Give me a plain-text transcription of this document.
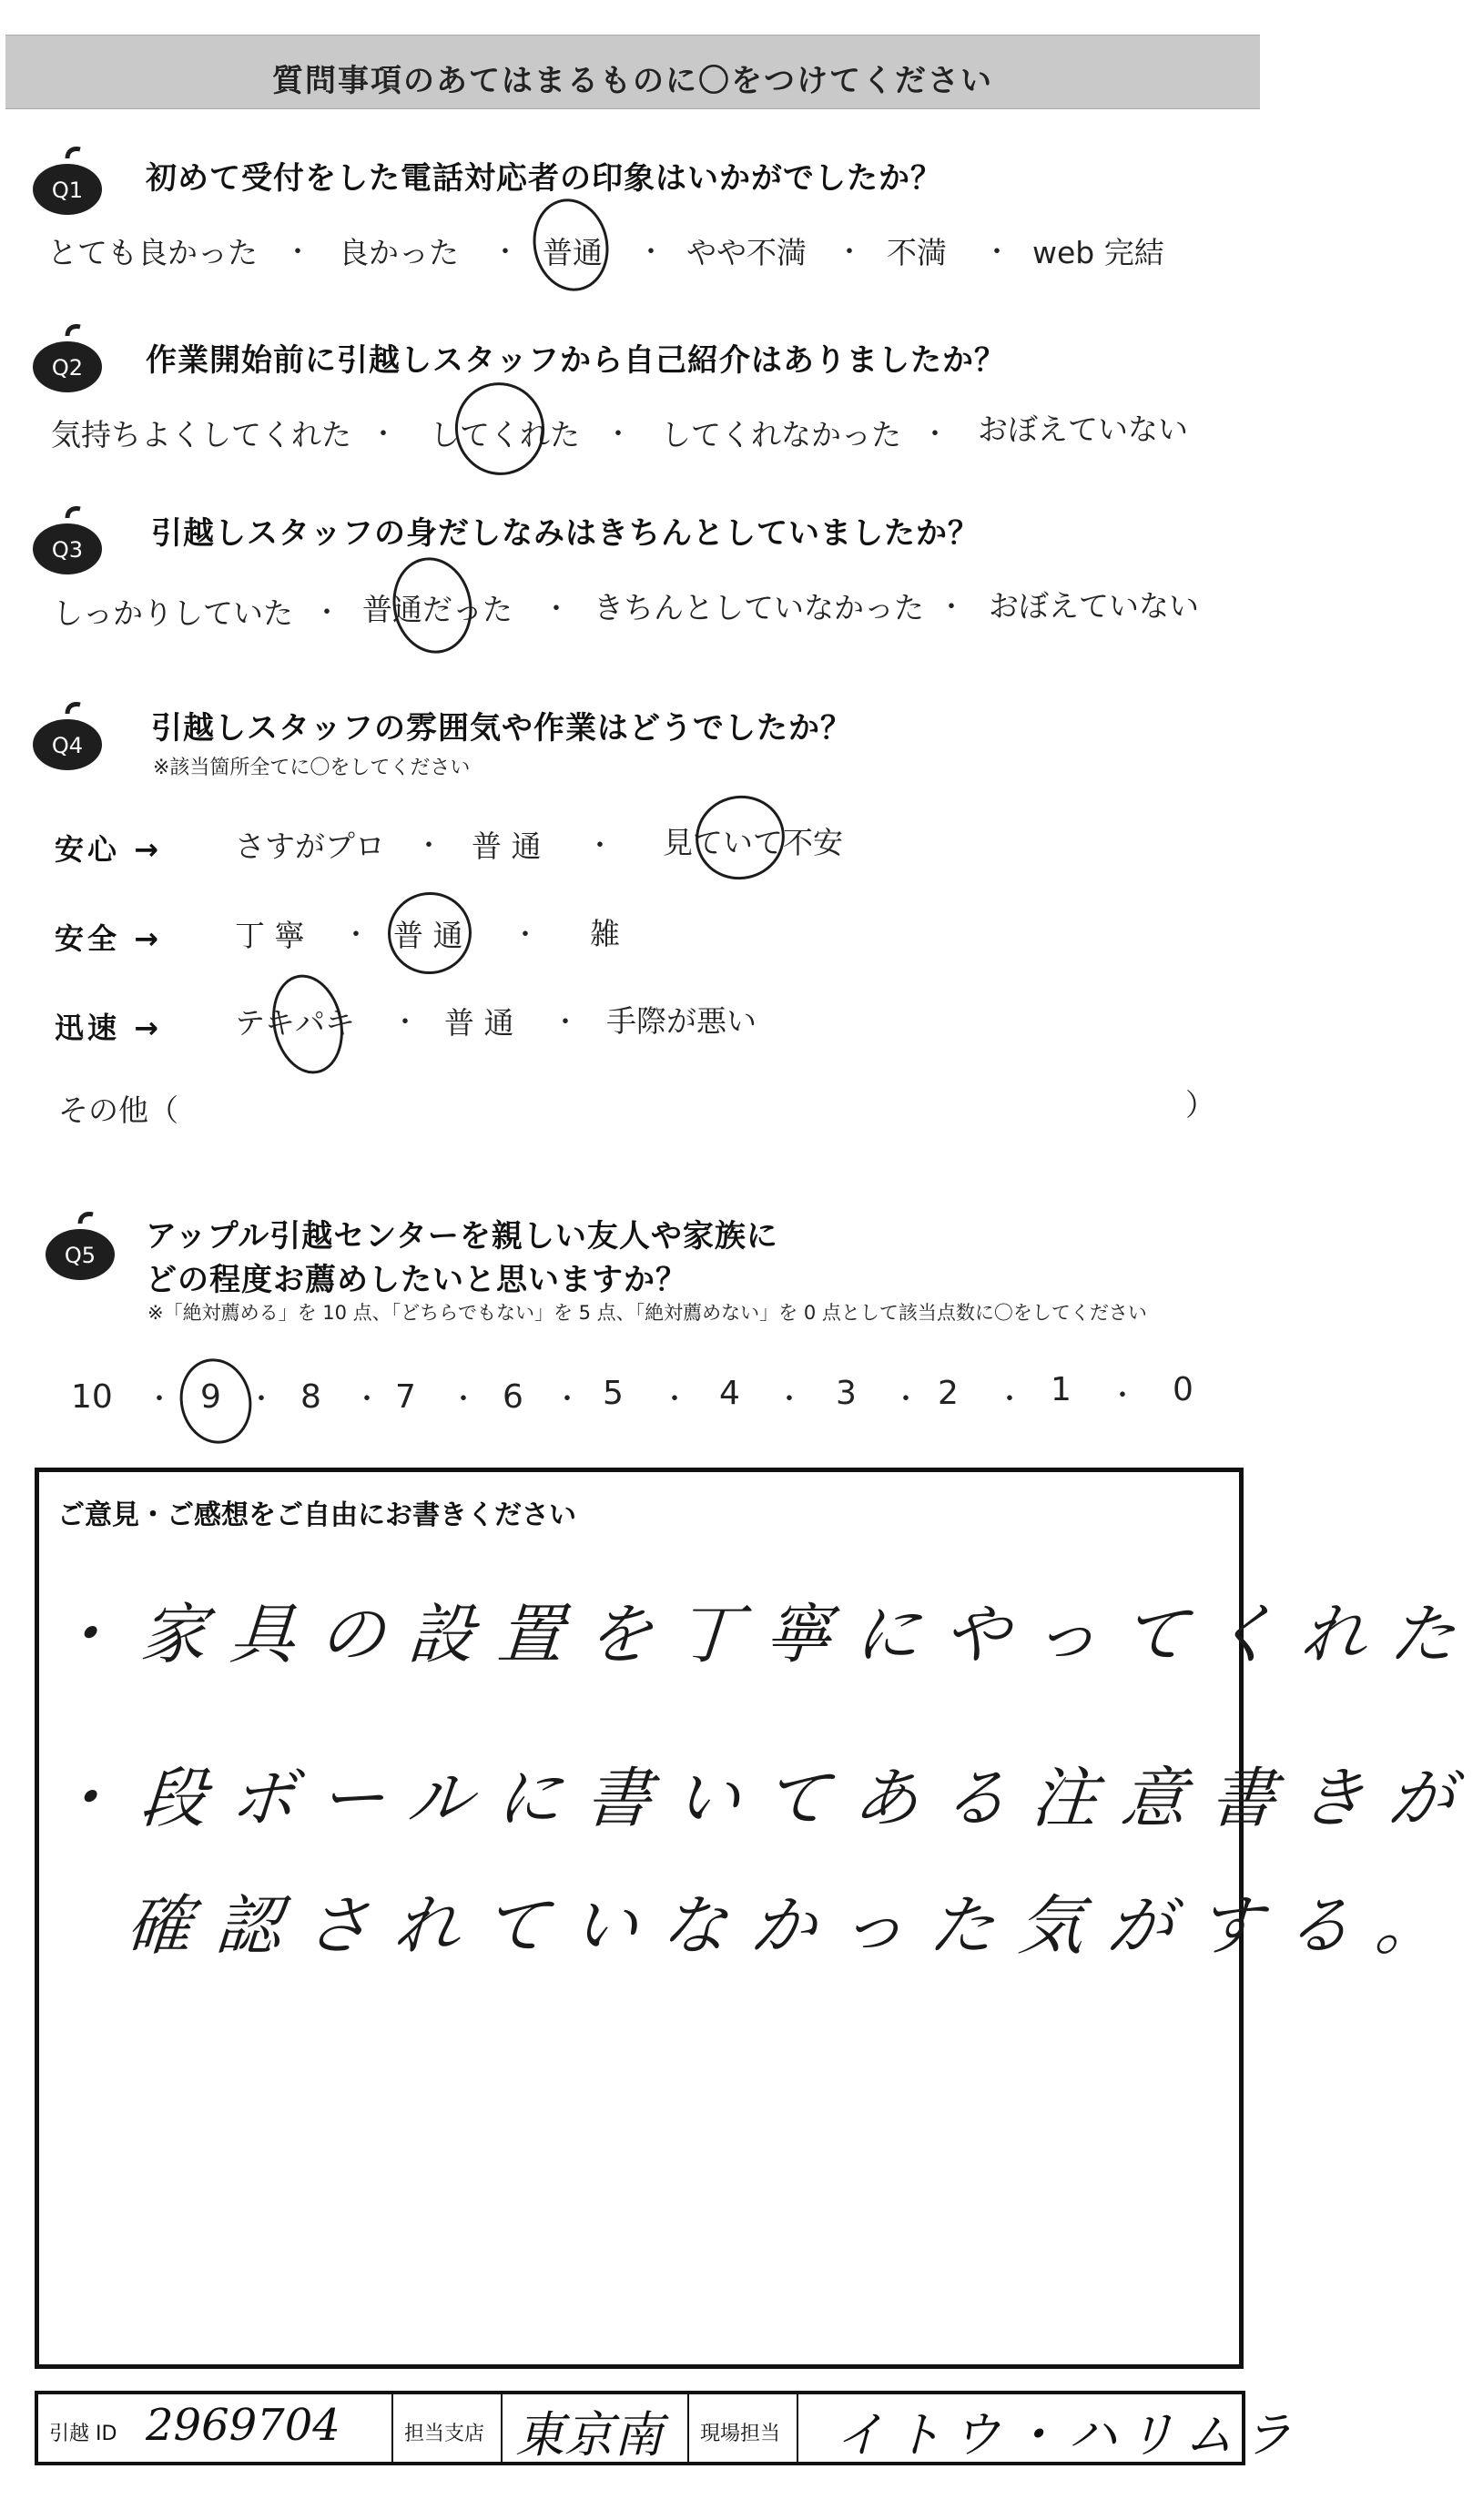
質問事項のあてはまるものに〇をつけてください
Q1 初めて受付をした電話対応者の印象はいかがでしたか？
とても良かった ・ 良かった ・ 普通 ・ やや不満 ・ 不満 ・ web 完結
Q2 作業開始前に引越しスタッフから自己紹介はありましたか？
気持ちよくしてくれた ・ してくれた ・ してくれなかった ・ おぼえていない
Q3 引越しスタッフの身だしなみはきちんとしていましたか？
しっかりしていた ・ 普通だった ・ きちんとしていなかった ・ おぼえていない
Q4 引越しスタッフの雰囲気や作業はどうでしたか？
※該当箇所全てに〇をしてください
安心 → さすがプロ ・ 普 通 ・ 見ていて不安
安全 → 丁 寧 ・ 普 通 ・ 雑
迅速 → テキパキ ・ 普 通 ・ 手際が悪い
その他（	）
Q5
アップル引越センターを親しい友人や家族に
どの程度お薦めしたいと思いますか？
※「絶対薦める」を 10 点、「どちらでもない」を 5 点、「絶対薦めない」を 0 点として該当点数に〇をしてください
10 ・ 9 ・ 8 ・ 7 ・ 6 ・ 5 ・ 4 ・ 3 ・ 2 ・ 1 ・ 0
ご意見・ご感想をご自由にお書きください
・家具の設置を丁寧にやってくれた
・段ボールに書いてある注意書きが
確認されていなかった気がする。
引越 ID 2969704	担当支店 東京南 現場担当 イトウ・ハリムラ
